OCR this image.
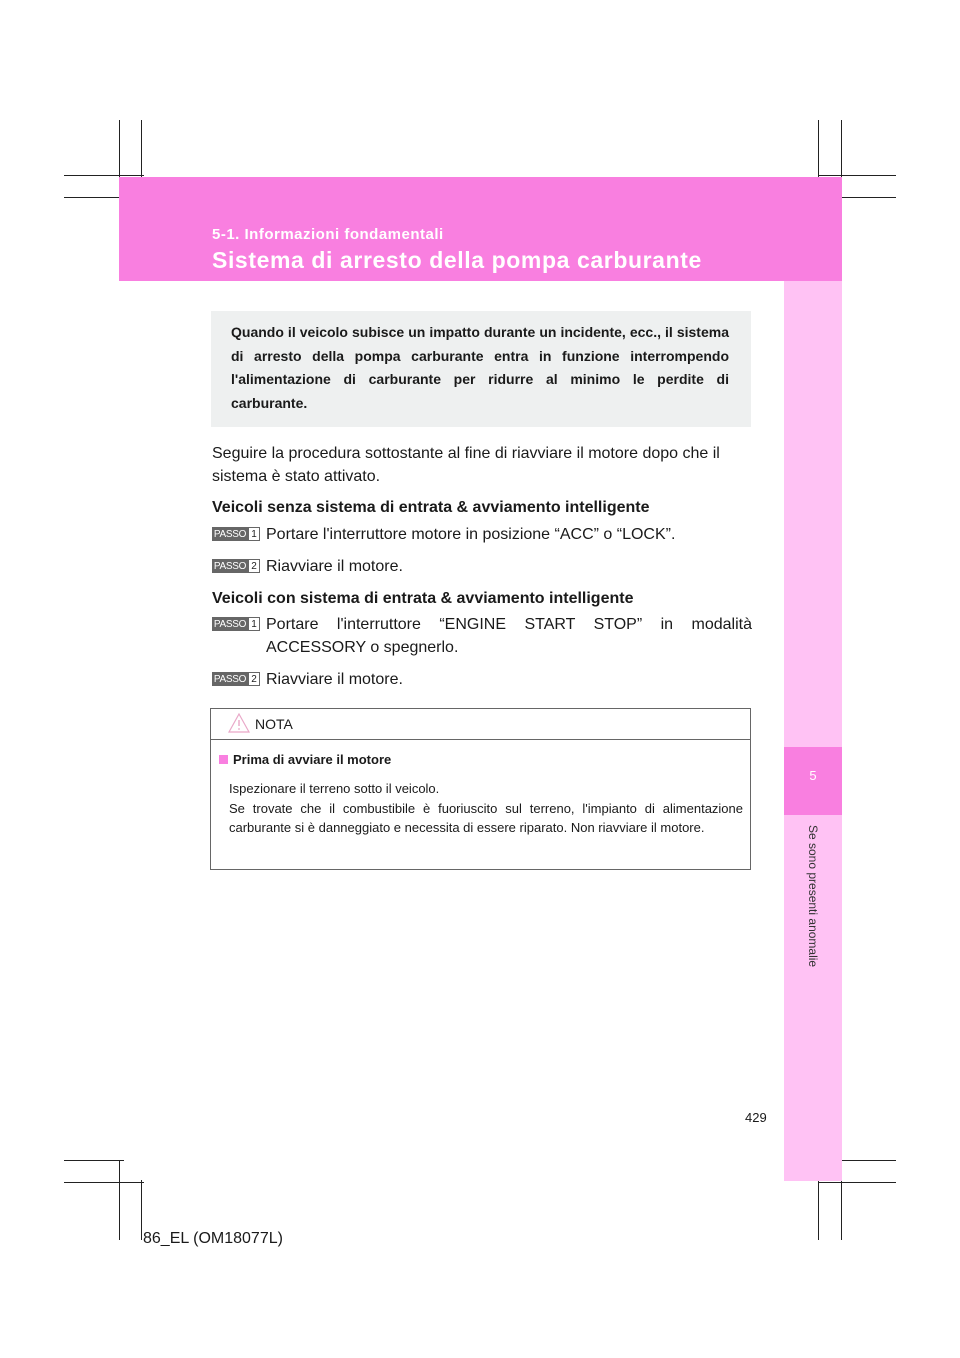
5-1. Informazioni fondamentali
Sistema di arresto della pompa carburante
5
Se sono presenti anomalie
Quando il veicolo subisce un impatto durante un incidente, ecc., il sistema di arresto della pompa carburante entra in funzione interrompendo l'alimentazione di carburante per ridurre al minimo le perdite di carburante.
Seguire la procedura sottostante al fine di riavviare il motore dopo che il sistema è stato attivato.
Veicoli senza sistema di entrata & avviamento intelligente
PASSO 1 Portare l'interruttore motore in posizione “ACC” o “LOCK”.
PASSO 2 Riavviare il motore.
Veicoli con sistema di entrata & avviamento intelligente
PASSO 1 Portare l'interruttore “ENGINE START STOP” in modalità ACCESSORY o spegnerlo.
PASSO 2 Riavviare il motore.
NOTA
Prima di avviare il motore
Ispezionare il terreno sotto il veicolo.
Se trovate che il combustibile è fuoriuscito sul terreno, l'impianto di alimentazione carburante si è danneggiato e necessita di essere riparato. Non riavviare il motore.
429
86_EL (OM18077L)
